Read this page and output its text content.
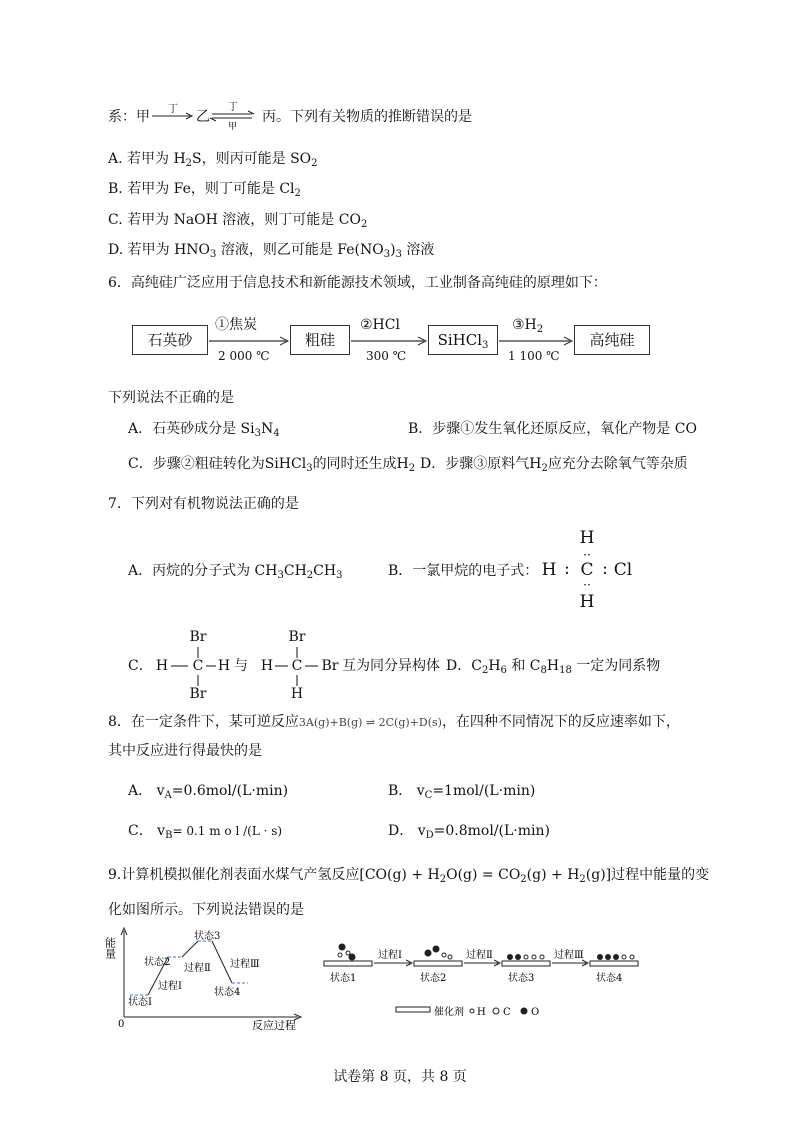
系：甲	乙	丙。下列有关物质的推断错误的是
丁	丁
甲
A. 若甲为 $H_2S$，则丙可能是 $SO_2$
B. 若甲为 Fe，则丁可能是 $Cl_2$
C. 若甲为 NaOH 溶液，则丁可能是 $CO_2$
D. 若甲为 $HNO_3$ 溶液，则乙可能是 $Fe(NO_3)_3$ 溶液
6．高纯硅广泛应用于信息技术和新能源技术领域，工业制备高纯硅的原理如下：
石英砂	粗硅	SiHCl$_3$	高纯硅
①焦炭
2 000 ℃
②HCl
300 ℃
$③H_2$
1 100 ℃
下列说法不正确的是
A．石英砂成分是 $Si_3N_4$	B．步骤①发生氧化还原反应，氧化产物是 CO
C．步骤②粗硅转化为SiHCl$_3$的同时还生成$H_2$ D．步骤③原料气$H_2$应充分去除氧气等杂质
7．下列对有机物说法正确的是
A．丙烷的分子式为 $CH_3CH_2CH_3$	B．一氯甲烷的电子式：
H
··
H : C : Cl
··
H
C．
Br
H C H
Br
与
Br
H C Br
H
互为同分异构体 D．$C_2H_6$ 和 $C_8H_{18}$ 一定为同系物
8．在一定条件下，某可逆反应3A(g)+B(g) ⇌ 2C(g)+D(s)，在四种不同情况下的反应速率如下，
其中反应进行得最快的是
A． $v_A=0.6mol/(L\cdot\min)$	B． $v_C=1mol/(L\cdot\min)$
C． $v_B= 0.1$ m o l /(L · s)	D． $v_D=0.8mol/(L\cdot\min)$
9.计算机模拟催化剂表面水煤气产氢反应$[CO(g) + H_2O(g) = CO_2(g) + H_2(g)]$过程中能量的变
化如图所示。下列说法错误的是
能量
0	反应过程
状态Ⅰ
状态2
状态3
状态4
过程Ⅰ
过程Ⅱ 过程Ⅲ
过程Ⅰ	过程Ⅱ	过程Ⅲ
状态1	状态2	状态3	状态4
催化剂 H C O
试卷第 8 页，共 8 页
